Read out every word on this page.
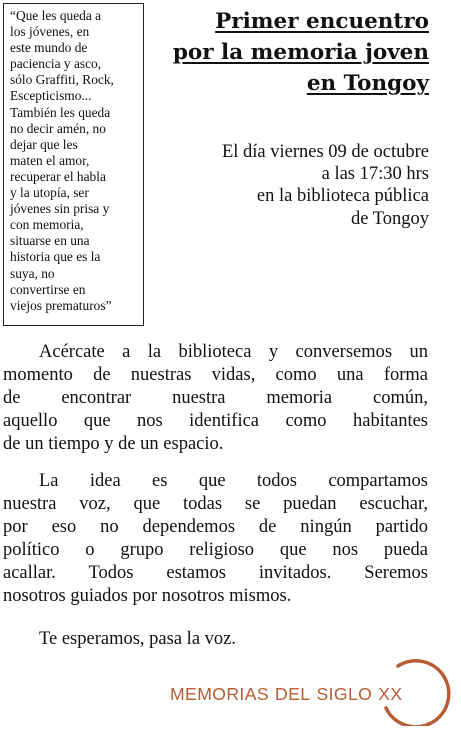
“Que les queda a
los jóvenes, en
este mundo de
paciencia y asco,
sólo Graffiti, Rock,
Escepticismo...
También les queda
no decir amén, no
dejar que les
maten el amor,
recuperar el habla
y la utopía, ser
jóvenes sin prisa y
con memoria,
situarse en una
historia que es la
suya, no
convertirse en
viejos prematuros”
Primer encuentro
por la memoria joven
en Tongoy
El día viernes 09 de octubre
a las 17:30 hrs
en la biblioteca pública
de Tongoy
Acércate a la biblioteca y conversemos un
momento de nuestras vidas, como una forma
de encontrar nuestra memoria común,
aquello que nos identifica como habitantes
de un tiempo y de un espacio.
La idea es que todos compartamos
nuestra voz, que todas se puedan escuchar,
por eso no dependemos de ningún partido
político o grupo religioso que nos pueda
acallar. Todos estamos invitados. Seremos
nosotros guiados por nosotros mismos.
Te esperamos, pasa la voz.
MEMORIAS DEL SIGLO XX
